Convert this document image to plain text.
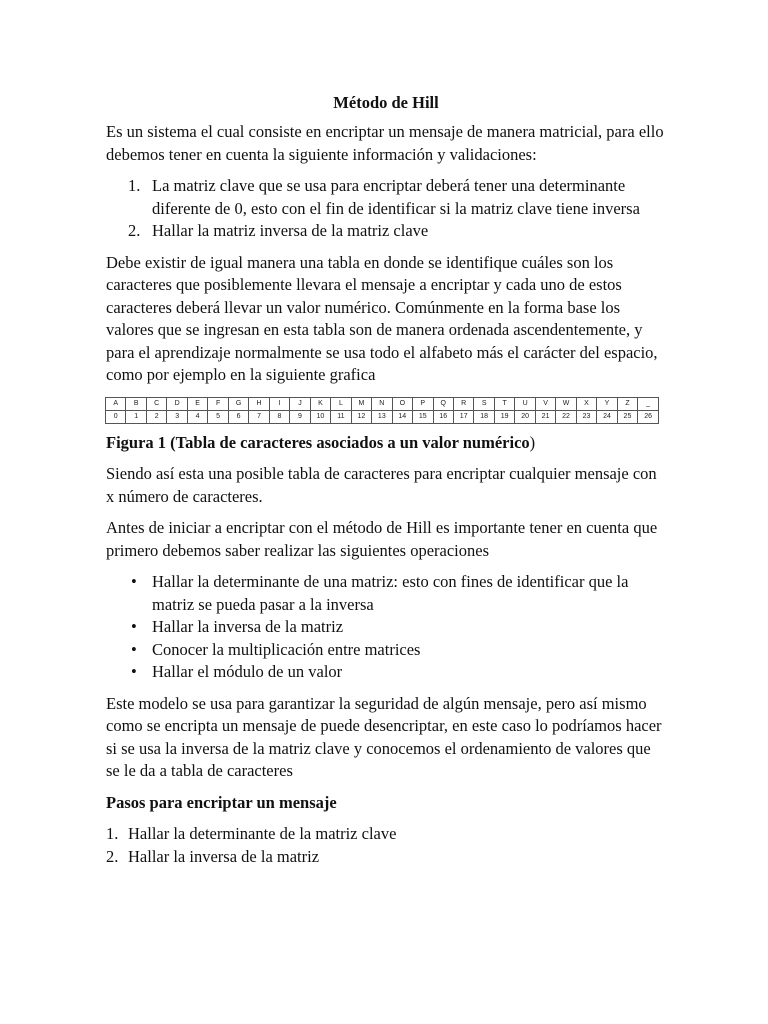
Método de Hill

Es un sistema el cual consiste en encriptar un mensaje de manera matricial, para ello debemos tener en cuenta la siguiente información y validaciones:

1. La matriz clave que se usa para encriptar deberá tener una determinante diferente de 0, esto con el fin de identificar si la matriz clave tiene inversa
2. Hallar la matriz inversa de la matriz clave

Debe existir de igual manera una tabla en donde se identifique cuáles son los caracteres que posiblemente llevara el mensaje a encriptar y cada uno de estos caracteres deberá llevar un valor numérico. Comúnmente en la forma base los valores que se ingresan en esta tabla son de manera ordenada ascendentemente, y para el aprendizaje normalmente se usa todo el alfabeto más el carácter del espacio, como por ejemplo en la siguiente grafica

A	B	C	D	E	F	G	H	I	J	K	L	M	N	O	P	Q	R	S	T	U	V	W	X	Y	Z	_
0	1	2	3	4	5	6	7	8	9	10	11	12	13	14	15	16	17	18	19	20	21	22	23	24	25	26

Figura 1 (Tabla de caracteres asociados a un valor numérico)

Siendo así esta una posible tabla de caracteres para encriptar cualquier mensaje con x número de caracteres.

Antes de iniciar a encriptar con el método de Hill es importante tener en cuenta que primero debemos saber realizar las siguientes operaciones

• Hallar la determinante de una matriz: esto con fines de identificar que la matriz se pueda pasar a la inversa
• Hallar la inversa de la matriz
• Conocer la multiplicación entre matrices
• Hallar el módulo de un valor

Este modelo se usa para garantizar la seguridad de algún mensaje, pero así mismo como se encripta un mensaje de puede desencriptar, en este caso lo podríamos hacer si se usa la inversa de la matriz clave y conocemos el ordenamiento de valores que se le da a tabla de caracteres

Pasos para encriptar un mensaje

1. Hallar la determinante de la matriz clave
2. Hallar la inversa de la matriz
